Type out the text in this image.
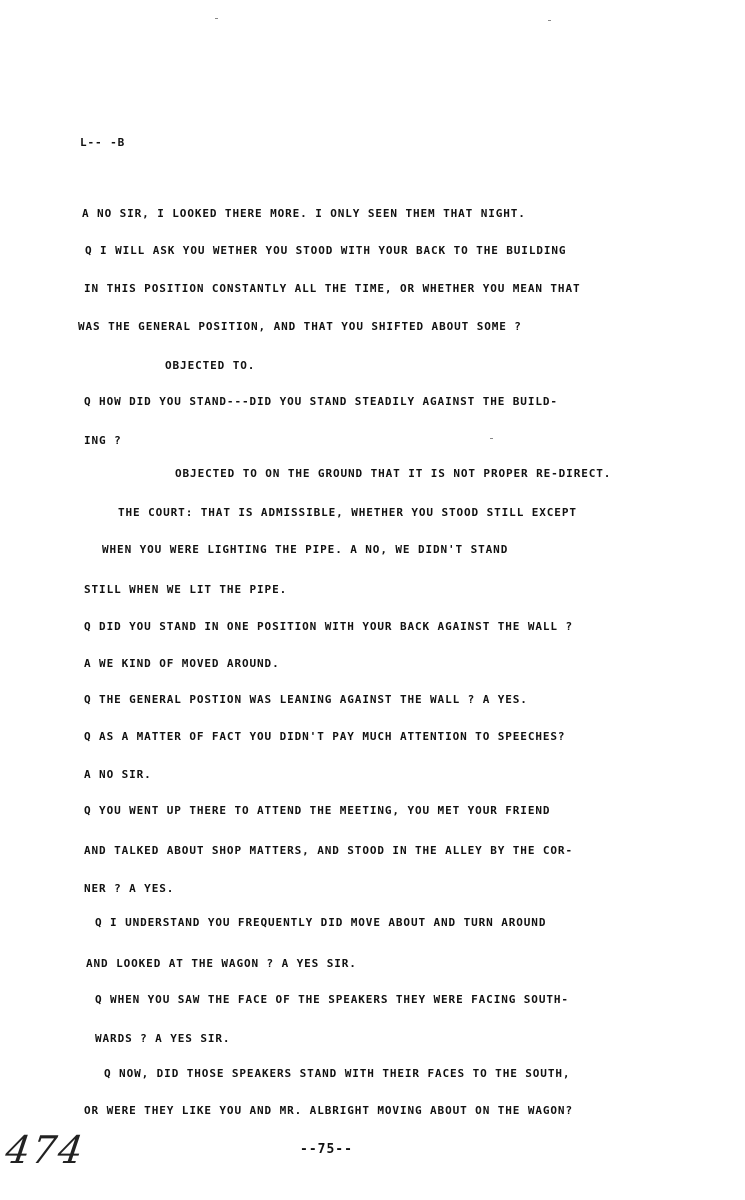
L-- -B
A NO SIR, I LOOKED THERE MORE. I ONLY SEEN THEM THAT NIGHT.
Q I WILL ASK YOU WETHER YOU STOOD WITH YOUR BACK TO THE BUILDING
IN THIS POSITION CONSTANTLY ALL THE TIME, OR WHETHER YOU MEAN THAT
WAS THE GENERAL POSITION, AND THAT YOU SHIFTED ABOUT SOME ?
OBJECTED TO.
Q HOW DID YOU STAND---DID YOU STAND STEADILY AGAINST THE BUILD-
ING ?
OBJECTED TO ON THE GROUND THAT IT IS NOT PROPER RE-DIRECT.
THE COURT: THAT IS ADMISSIBLE, WHETHER YOU STOOD STILL EXCEPT
WHEN YOU WERE LIGHTING THE PIPE. A NO, WE DIDN'T STAND
STILL WHEN WE LIT THE PIPE.
Q DID YOU STAND IN ONE POSITION WITH YOUR BACK AGAINST THE WALL ?
A WE KIND OF MOVED AROUND.
Q THE GENERAL POSTION WAS LEANING AGAINST THE WALL ? A YES.
Q AS A MATTER OF FACT YOU DIDN'T PAY MUCH ATTENTION TO SPEECHES?
A NO SIR.
Q YOU WENT UP THERE TO ATTEND THE MEETING, YOU MET YOUR FRIEND
AND TALKED ABOUT SHOP MATTERS, AND STOOD IN THE ALLEY BY THE COR-
NER ? A YES.
Q I UNDERSTAND YOU FREQUENTLY DID MOVE ABOUT AND TURN AROUND
AND LOOKED AT THE WAGON ? A YES SIR.
Q WHEN YOU SAW THE FACE OF THE SPEAKERS THEY WERE FACING SOUTH-
WARDS ? A YES SIR.
Q NOW, DID THOSE SPEAKERS STAND WITH THEIR FACES TO THE SOUTH,
OR WERE THEY LIKE YOU AND MR. ALBRIGHT MOVING ABOUT ON THE WAGON?
474	--75--
